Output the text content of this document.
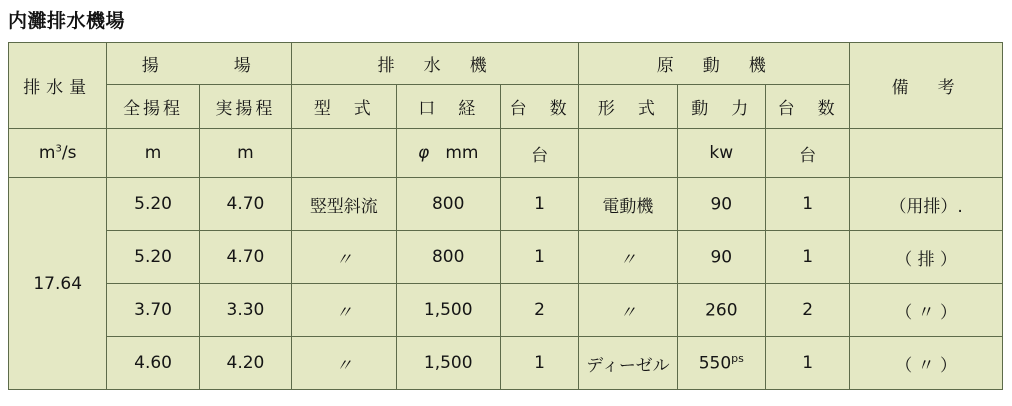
内灘排水機場
排水量	揚　　　場		排　水　機			原　動　機			備　考
	全揚程	実揚程	型　式	口　経	台　数	形　式	動　力	台　数	
$m^3/s$	m	m		φ mm	台		kw	台	
17.64	5.20	4.70	竪型斜流	800	1	電動機	90	1	（用排）.
	5.20	4.70	〃	800	1	〃	90	1	（ 排 ）
	3.70	3.30	〃	1,500	2	〃	260	2	（ 〃 ）
	4.60	4.20	〃	1,500	1	ディーゼル	$550^{ps}$	1	（ 〃 ）
